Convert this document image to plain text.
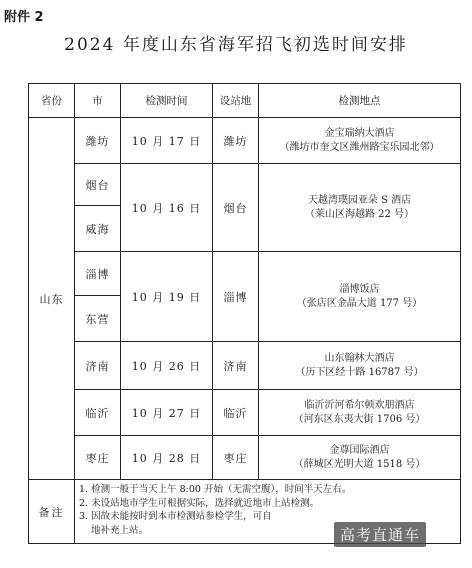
附件 2
2024 年度山东省海军招飞初选时间安排
省份	市	检测时间	设站地	检测地点
山东	潍坊	10 月 17 日	潍坊	金宝瑞纳大酒店
（潍坊市奎文区潍州路宝乐园北邻）

	烟台	10 月 16 日	烟台	天越湾璞园亚朵 S 酒店
（莱山区海越路 22 号）

	威海			
	淄博	10 月 19 日	淄博	淄博饭店
（张店区金晶大道 177 号）

	东营			
	济南	10 月 26 日	济南	山东翰林大酒店
（历下区经十路 16787 号）

	临沂	10 月 27 日	临沂	临沂沂河希尔顿欢朋酒店
（河东区东夷大街 1706 号）

	枣庄	10 月 28 日	枣庄	金尊国际酒店
（薛城区光明大道 1518 号）

备注	1. 检测一般于当天上午 8:00 开始（无需空腹），时间半天左右。
2. 未设站地市学生可根据实际，选择就近地市上站检测。
3. 因故未能按时到本市检测站参检学生，可自
地补充上站。				高考直通车
